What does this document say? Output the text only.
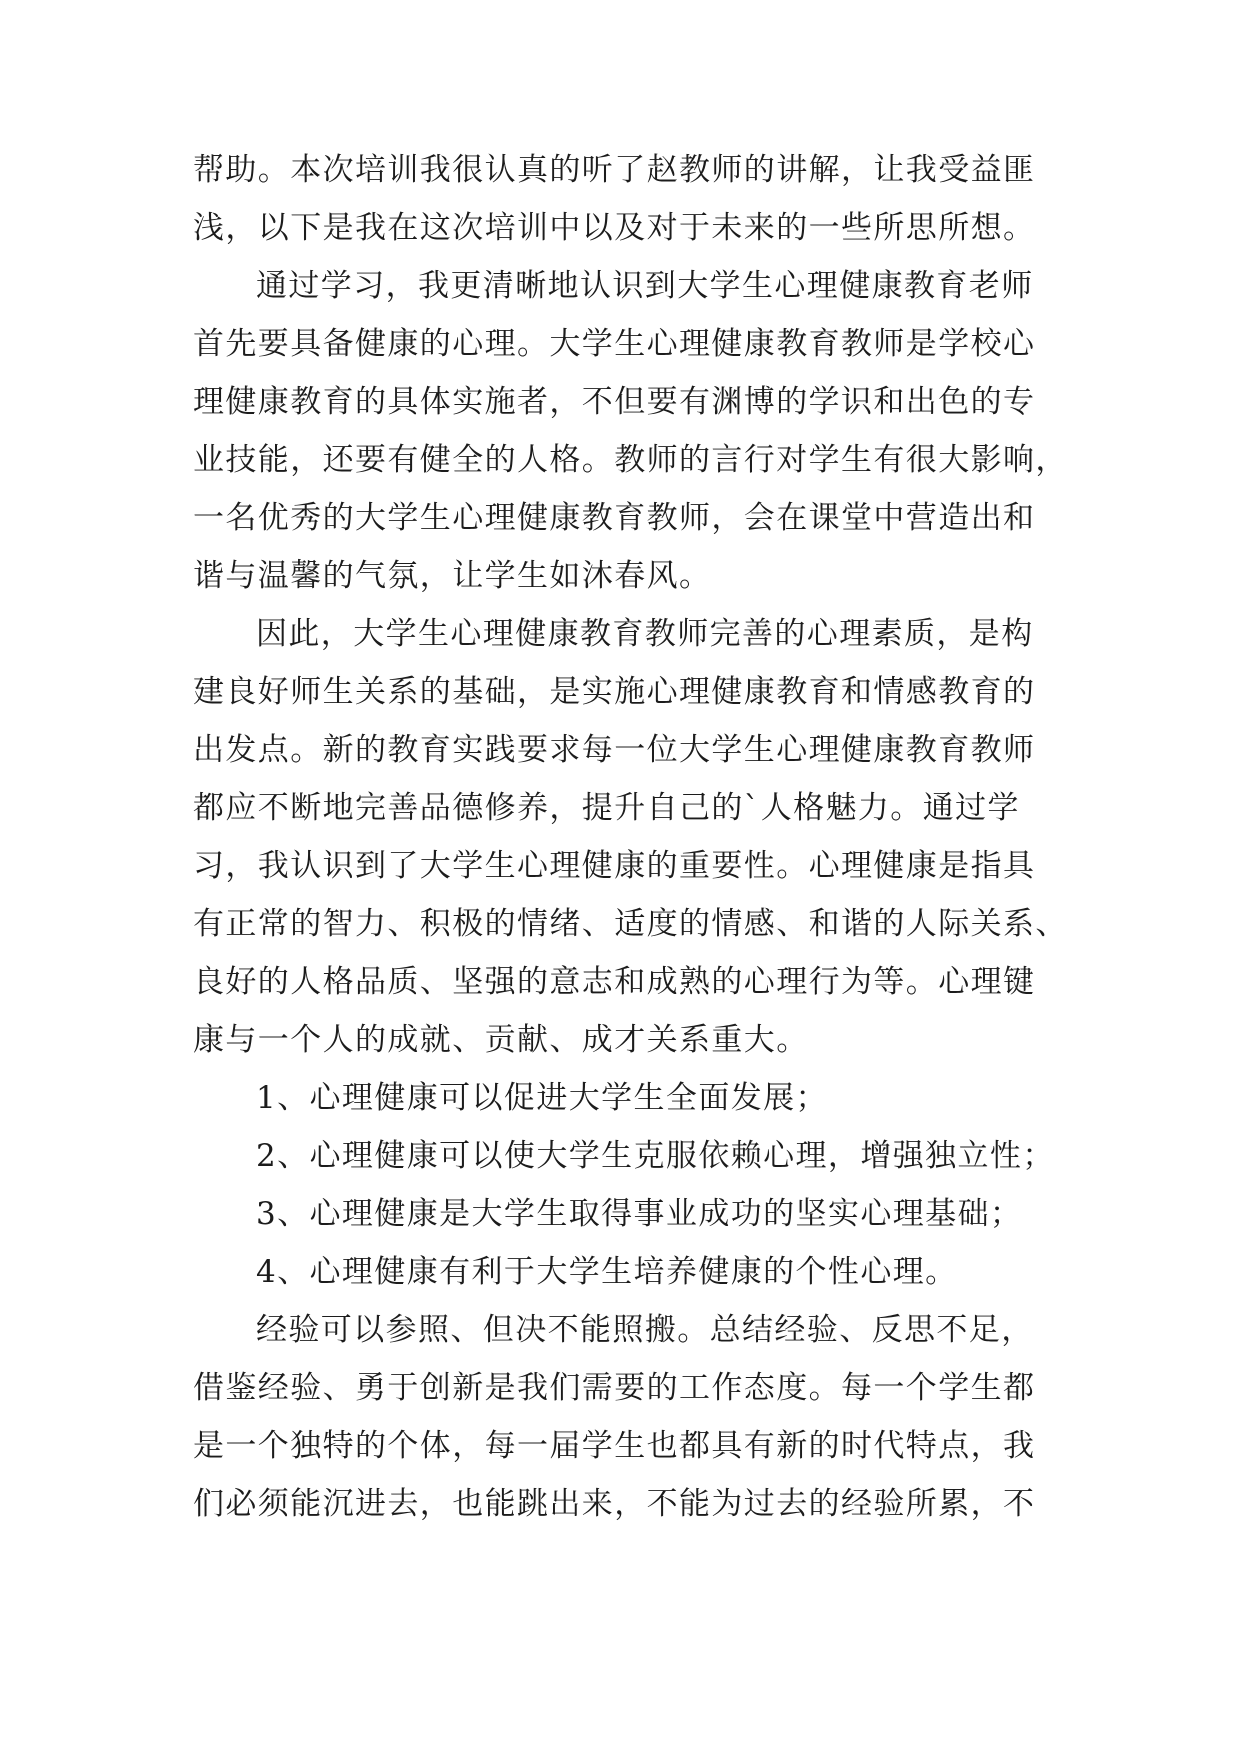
帮助。本次培训我很认真的听了赵教师的讲解，让我受益匪
浅，以下是我在这次培训中以及对于未来的一些所思所想。
通过学习，我更清晰地认识到大学生心理健康教育老师
首先要具备健康的心理。大学生心理健康教育教师是学校心
理健康教育的具体实施者，不但要有渊博的学识和出色的专
业技能，还要有健全的人格。教师的言行对学生有很大影响，
一名优秀的大学生心理健康教育教师，会在课堂中营造出和
谐与温馨的气氛，让学生如沐春风。
因此，大学生心理健康教育教师完善的心理素质，是构
建良好师生关系的基础，是实施心理健康教育和情感教育的
出发点。新的教育实践要求每一位大学生心理健康教育教师
都应不断地完善品德修养，提升自己的`人格魅力。通过学
习，我认识到了大学生心理健康的重要性。心理健康是指具
有正常的智力、积极的情绪、适度的情感、和谐的人际关系、
良好的人格品质、坚强的意志和成熟的心理行为等。心理键
康与一个人的成就、贡献、成才关系重大。
1、心理健康可以促进大学生全面发展；
2、心理健康可以使大学生克服依赖心理，增强独立性；
3、心理健康是大学生取得事业成功的坚实心理基础；
4、心理健康有利于大学生培养健康的个性心理。
经验可以参照、但决不能照搬。总结经验、反思不足，
借鉴经验、勇于创新是我们需要的工作态度。每一个学生都
是一个独特的个体，每一届学生也都具有新的时代特点，我
们必须能沉进去，也能跳出来，不能为过去的经验所累，不
